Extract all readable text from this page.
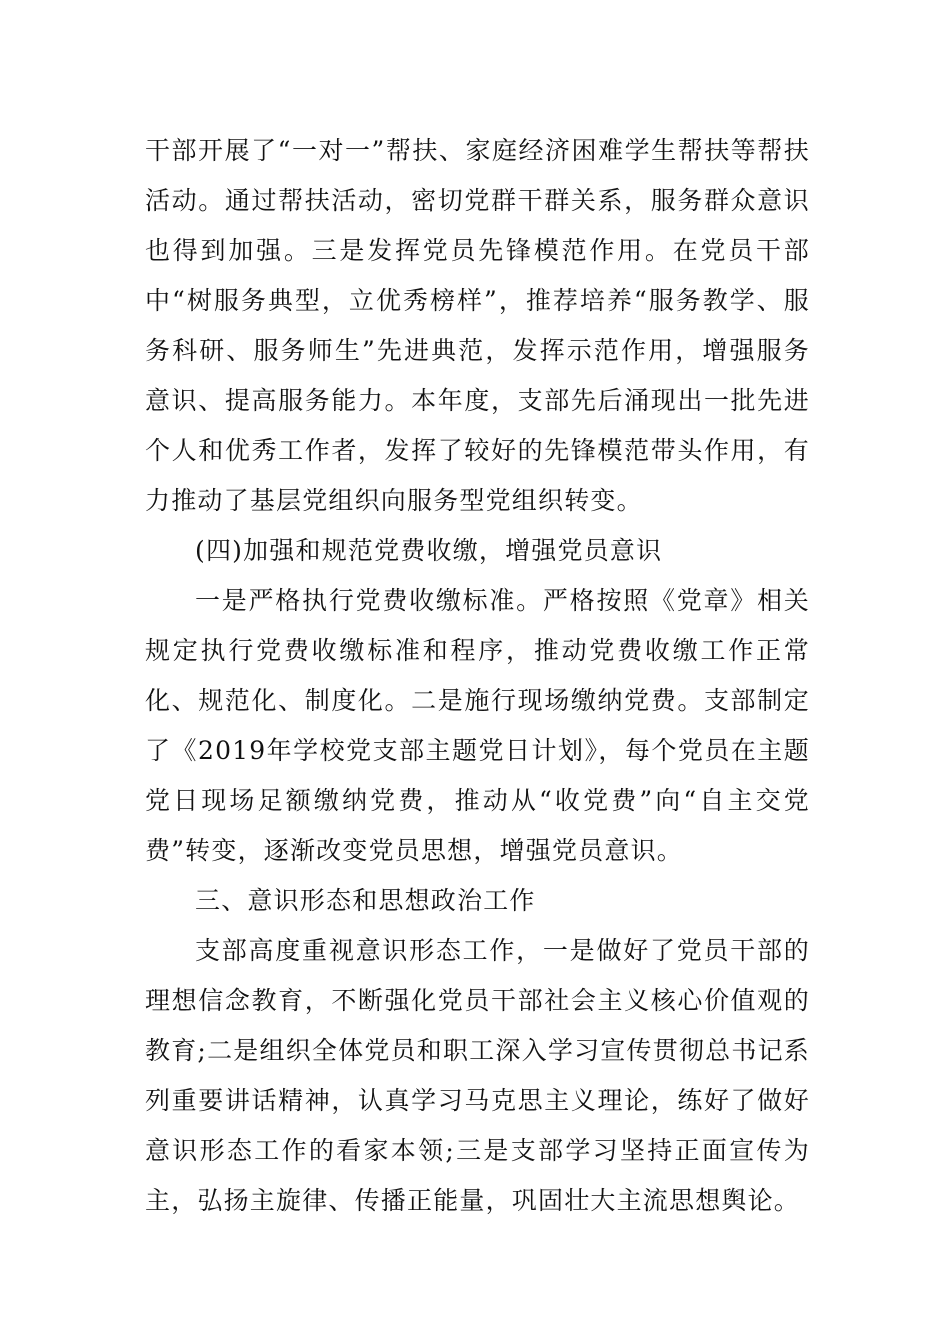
干部开展了“一对一”帮扶、家庭经济困难学生帮扶等帮扶活动。通过帮扶活动，密切党群干群关系，服务群众意识也得到加强。三是发挥党员先锋模范作用。在党员干部中“树服务典型，立优秀榜样”，推荐培养“服务教学、服务科研、服务师生”先进典范，发挥示范作用，增强服务意识、提高服务能力。本年度，支部先后涌现出一批先进个人和优秀工作者，发挥了较好的先锋模范带头作用，有力推动了基层党组织向服务型党组织转变。

(四)加强和规范党费收缴，增强党员意识

一是严格执行党费收缴标准。严格按照《党章》相关规定执行党费收缴标准和程序，推动党费收缴工作正常化、规范化、制度化。二是施行现场缴纳党费。支部制定了《2019年学校党支部主题党日计划》，每个党员在主题党日现场足额缴纳党费，推动从“收党费”向“自主交党费”转变，逐渐改变党员思想，增强党员意识。

三、意识形态和思想政治工作

支部高度重视意识形态工作，一是做好了党员干部的理想信念教育，不断强化党员干部社会主义核心价值观的教育;二是组织全体党员和职工深入学习宣传贯彻总书记系列重要讲话精神，认真学习马克思主义理论，练好了做好意识形态工作的看家本领;三是支部学习坚持正面宣传为主，弘扬主旋律、传播正能量，巩固壮大主流思想舆论。
